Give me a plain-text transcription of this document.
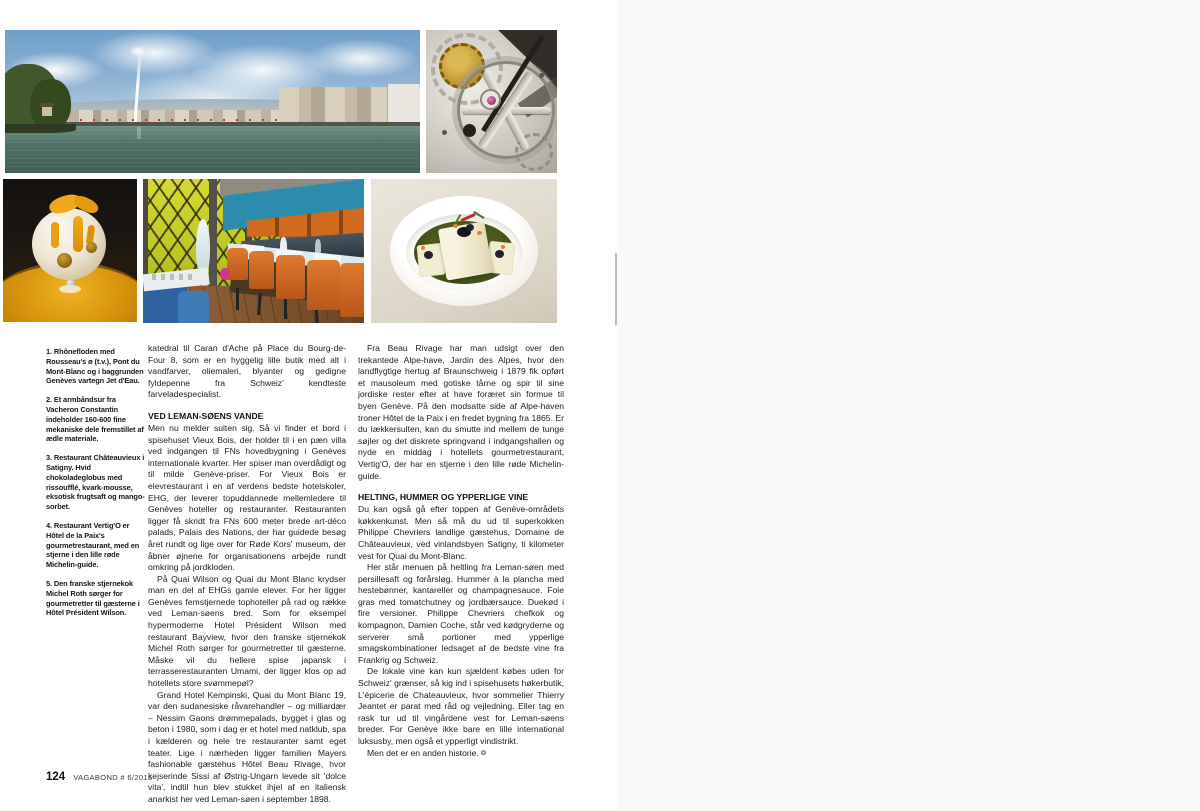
1. Rhônefloden med Rousseau's ø (t.v.), Pont du Mont-Blanc og i baggrunden Genèves vartegn Jet d'Eau.

2. Et armbåndsur fra Vacheron Constantin indeholder 160-600 fine mekaniske dele fremstillet af ædle materiale.

3. Restaurant Châteauvieux i Satigny. Hvid chokoladeglobus med rissoufflé, kvark-mousse, eksotisk frugtsaft og mango-sorbet.

4. Restaurant Vertig'O er Hôtel de la Paix's gourmetrestaurant, med en stjerne i den lille røde Michelin-guide.

5. Den franske stjernekok Michel Roth sørger for gourmetretter til gæsterne i Hôtel Président Wilson.

katedral til Caran d'Ache på Place du Bourg-de-Four 8, som er en hyggelig lille butik med alt i vandfarver, oliemaleri, blyanter og gedigne fyldepenne fra Schweiz' kendteste farveladespecialist.

VED LEMAN-SØENS VANDE

Men nu melder sulten sig. Så vi finder et bord i spisehuset Vieux Bois, der holder til i en pæn villa ved indgangen til FNs hovedbygning i Genèves internationale kvarter. Her spiser man overdådigt og til milde Genève-priser. For Vieux Bois er elevrestaurant i en af verdens bedste hotelskoler, EHG, der leverer topuddannede mellemledere til Genèves hoteller og restauranter. Restauranten ligger få skridt fra FNs 600 meter brede art-déco palads, Palais des Nations, der har guidede besøg året rundt og lige over for Røde Kors' museum, der åbner øjnene for organisationens arbejde rundt omkring på jordkloden.

På Quai Wilson og Quai du Mont Blanc krydser man en del af EHGs gamle elever. For her ligger Genèves femstjernede tophoteller på rad og række ved Leman-søens bred. Som for eksempel hypermoderne Hotel Président Wilson med restaurant Bayview, hvor den franske stjernekok Michel Roth sørger for gourmetretter til gæsterne. Måske vil du hellere spise japansk i terrasserestauranten Umami, der ligger klos op ad hotellets store svømmepøl?

Grand Hotel Kempinski, Quai du Mont Blanc 19, var den sudanesiske råvarehandler – og milliardær – Nessim Gaons drømmepalads, bygget i glas og beton i 1980, som i dag er et hotel med natklub, spa i kælderen og hele tre restauranter samt eget teater. Lige i nærheden ligger familien Mayers fashionable gæstehus Hôtel Beau Rivage, hvor kejserinde Sissi af Østrig-Ungarn levede sit 'dolce vita', indtil hun blev stukket ihjel af en italiensk anarkist her ved Leman-søen i september 1898.

Fra Beau Rivage har man udsigt over den trekantede Alpe-have, Jardin des Alpes, hvor den landflygtige hertug af Braunschweig i 1879 fik opført et mausoleum med gotiske tårne og spir til sine jordiske rester efter at have foræret sin formue til byen Genève. På den modsatte side af Alpe-haven troner Hôtel de la Paix i en fredet bygning fra 1865. Er du lækkersulten, kan du smutte ind mellem de tunge søjler og det diskrete springvand i indgangshallen og nyde en middag i hotellets gourmetrestaurant, Vertig'O, der har en stjerne i den lille røde Michelin-guide.

HELTING, HUMMER OG YPPERLIGE VINE

Du kan også gå efter toppen af Genève-områdets køkkenkunst. Men så må du ud til superkokken Philippe Chevriers landlige gæstehus, Domaine de Châteauvieux, ved vinlandsbyen Satigny, ti kilometer vest for Quai du Mont-Blanc.

Her står menuen på heltling fra Leman-søen med persillesaft og forårsløg. Hummer à la plancha med hestebønner, kantareller og champagnesauce. Foie gras med tomatchutney og jordbærsauce. Duekød i fire versioner. Philippe Chevriers chefkok og kompagnon, Damien Coche, står ved kødgryderne og serverer små portioner med ypperlige smagskombinationer ledsaget af de bedste vine fra Frankrig og Schweiz.

De lokale vine kan kun sjældent købes uden for Schweiz' grænser, så kig ind i spisehusets høkerbutik, L'épicerie de Chateauvieux, hvor sommelier Thierry Jeantet er parat med råd og vejledning. Eller tag en rask tur ud til vingårdene vest for Leman-søens breder. For Genève ikke bare en lille international luksusby, men også et ypperligt vindistrikt.

Men det er en anden historie. ❂

124 VAGABOND # 6/2015
